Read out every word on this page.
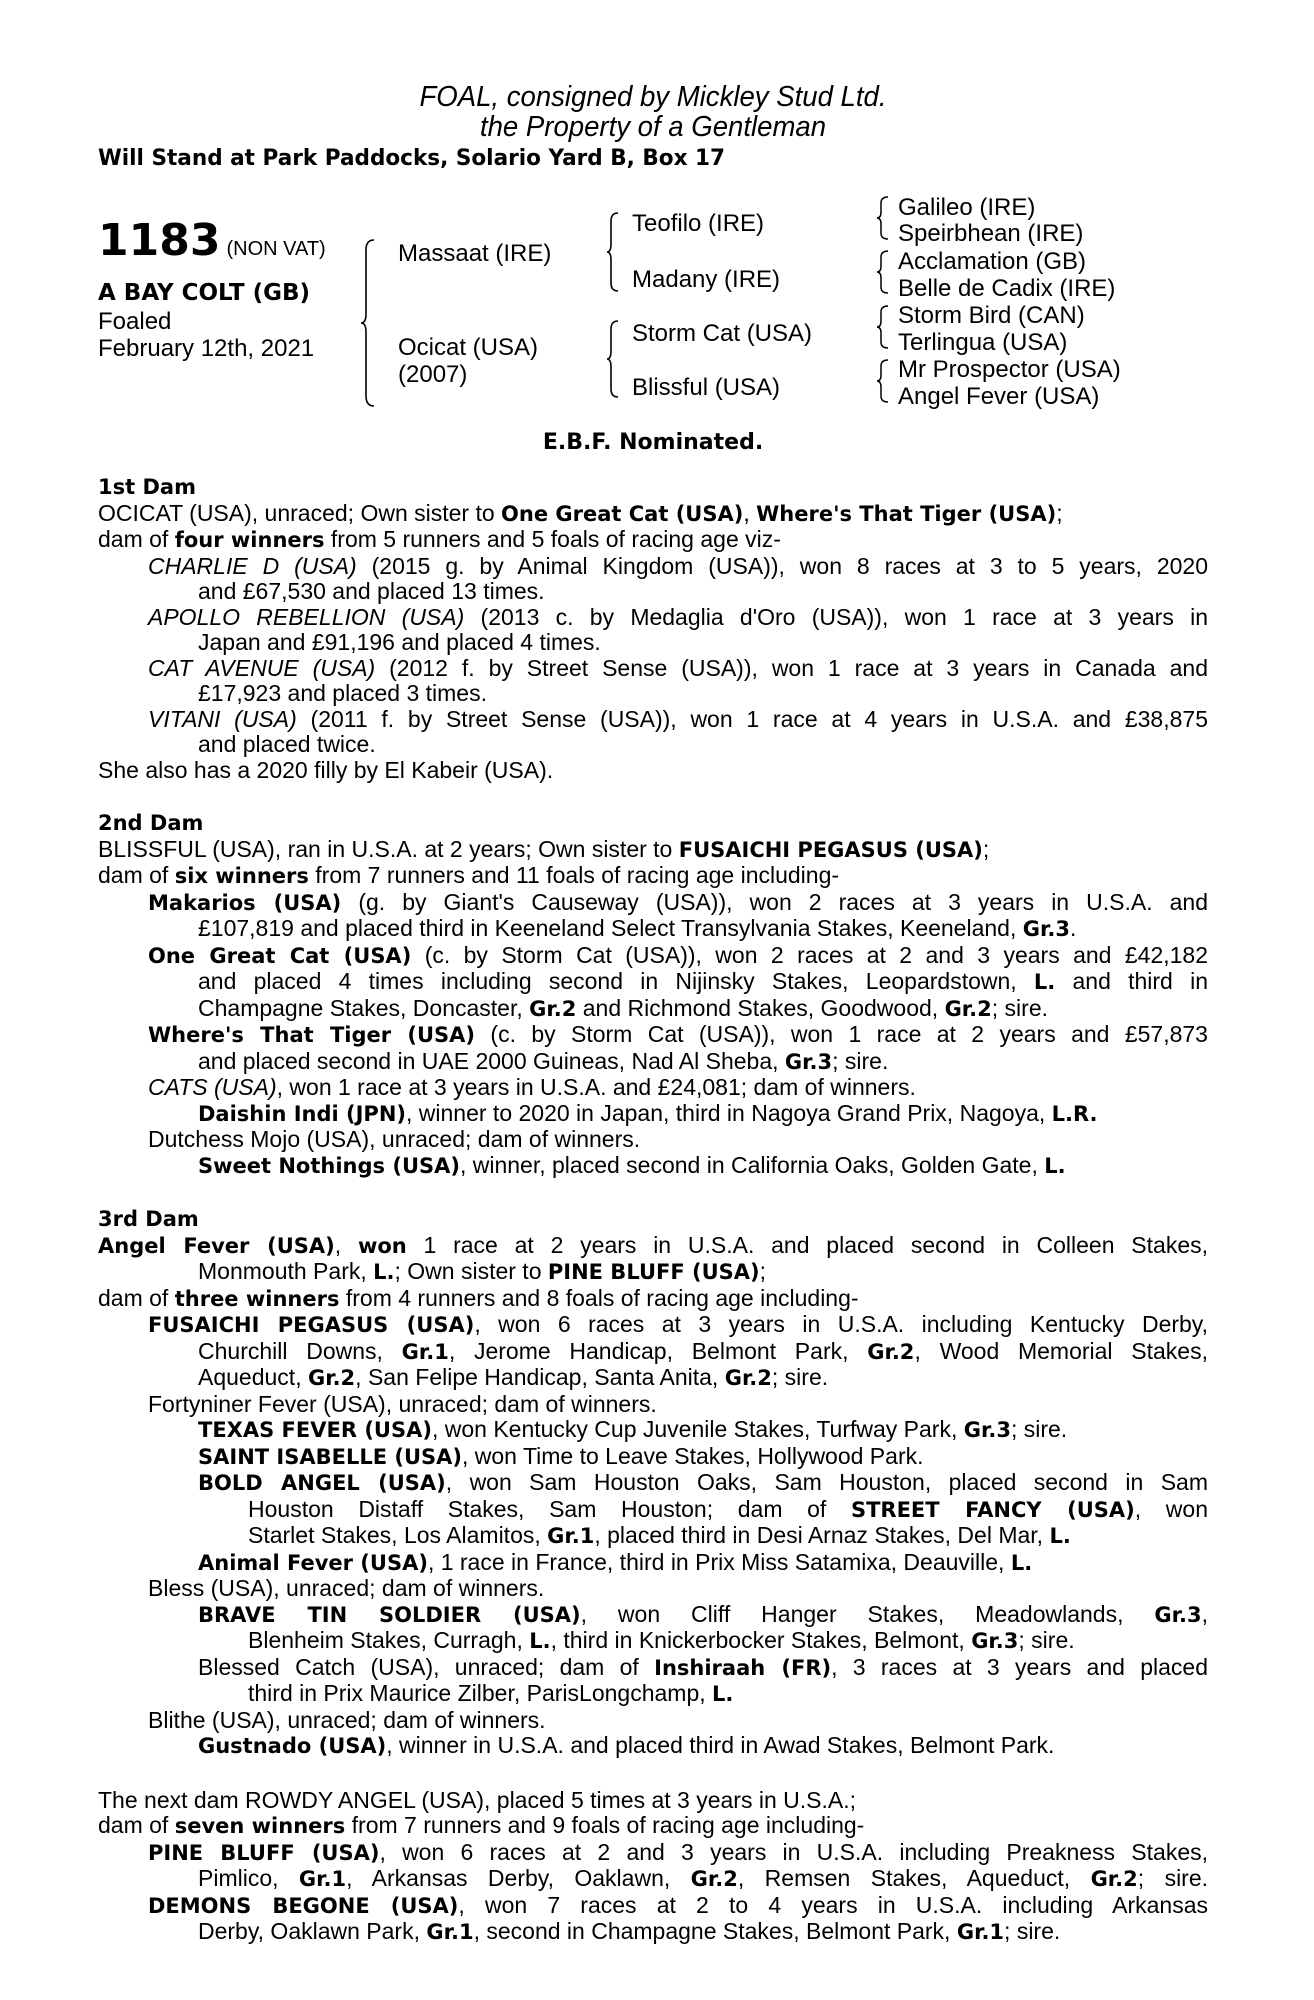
FOAL, consigned by Mickley Stud Ltd.
the Property of a Gentleman
Will Stand at Park Paddocks, Solario Yard B, Box 17
1183 (NON VAT)
A BAY COLT (GB)
Foaled
February 12th, 2021
Massaat (IRE)
Ocicat (USA)
(2007)
Teofilo (IRE)
Madany (IRE)
Storm Cat (USA)
Blissful (USA)
Galileo (IRE)
Speirbhean (IRE)
Acclamation (GB)
Belle de Cadix (IRE)
Storm Bird (CAN)
Terlingua (USA)
Mr Prospector (USA)
Angel Fever (USA)
E.B.F. Nominated.
1st Dam
OCICAT (USA), unraced; Own sister to One Great Cat (USA), Where's That Tiger (USA);
dam of four winners from 5 runners and 5 foals of racing age viz-
CHARLIE D (USA) (2015 g. by Animal Kingdom (USA)), won 8 races at 3 to 5 years, 2020
and £67,530 and placed 13 times.
APOLLO REBELLION (USA) (2013 c. by Medaglia d'Oro (USA)), won 1 race at 3 years in
Japan and £91,196 and placed 4 times.
CAT AVENUE (USA) (2012 f. by Street Sense (USA)), won 1 race at 3 years in Canada and
£17,923 and placed 3 times.
VITANI (USA) (2011 f. by Street Sense (USA)), won 1 race at 4 years in U.S.A. and £38,875
and placed twice.
She also has a 2020 filly by El Kabeir (USA).
2nd Dam
BLISSFUL (USA), ran in U.S.A. at 2 years; Own sister to FUSAICHI PEGASUS (USA);
dam of six winners from 7 runners and 11 foals of racing age including-
Makarios (USA) (g. by Giant's Causeway (USA)), won 2 races at 3 years in U.S.A. and
£107,819 and placed third in Keeneland Select Transylvania Stakes, Keeneland, Gr.3.
One Great Cat (USA) (c. by Storm Cat (USA)), won 2 races at 2 and 3 years and £42,182
and placed 4 times including second in Nijinsky Stakes, Leopardstown, L. and third in
Champagne Stakes, Doncaster, Gr.2 and Richmond Stakes, Goodwood, Gr.2; sire.
Where's That Tiger (USA) (c. by Storm Cat (USA)), won 1 race at 2 years and £57,873
and placed second in UAE 2000 Guineas, Nad Al Sheba, Gr.3; sire.
CATS (USA), won 1 race at 3 years in U.S.A. and £24,081; dam of winners.
Daishin Indi (JPN), winner to 2020 in Japan, third in Nagoya Grand Prix, Nagoya, L.R.
Dutchess Mojo (USA), unraced; dam of winners.
Sweet Nothings (USA), winner, placed second in California Oaks, Golden Gate, L.
3rd Dam
Angel Fever (USA), won 1 race at 2 years in U.S.A. and placed second in Colleen Stakes,
Monmouth Park, L.; Own sister to PINE BLUFF (USA);
dam of three winners from 4 runners and 8 foals of racing age including-
FUSAICHI PEGASUS (USA), won 6 races at 3 years in U.S.A. including Kentucky Derby,
Churchill Downs, Gr.1, Jerome Handicap, Belmont Park, Gr.2, Wood Memorial Stakes,
Aqueduct, Gr.2, San Felipe Handicap, Santa Anita, Gr.2; sire.
Fortyniner Fever (USA), unraced; dam of winners.
TEXAS FEVER (USA), won Kentucky Cup Juvenile Stakes, Turfway Park, Gr.3; sire.
SAINT ISABELLE (USA), won Time to Leave Stakes, Hollywood Park.
BOLD ANGEL (USA), won Sam Houston Oaks, Sam Houston, placed second in Sam
Houston Distaff Stakes, Sam Houston; dam of STREET FANCY (USA), won
Starlet Stakes, Los Alamitos, Gr.1, placed third in Desi Arnaz Stakes, Del Mar, L.
Animal Fever (USA), 1 race in France, third in Prix Miss Satamixa, Deauville, L.
Bless (USA), unraced; dam of winners.
BRAVE TIN SOLDIER (USA), won Cliff Hanger Stakes, Meadowlands, Gr.3,
Blenheim Stakes, Curragh, L., third in Knickerbocker Stakes, Belmont, Gr.3; sire.
Blessed Catch (USA), unraced; dam of Inshiraah (FR), 3 races at 3 years and placed
third in Prix Maurice Zilber, ParisLongchamp, L.
Blithe (USA), unraced; dam of winners.
Gustnado (USA), winner in U.S.A. and placed third in Awad Stakes, Belmont Park.
The next dam ROWDY ANGEL (USA), placed 5 times at 3 years in U.S.A.;
dam of seven winners from 7 runners and 9 foals of racing age including-
PINE BLUFF (USA), won 6 races at 2 and 3 years in U.S.A. including Preakness Stakes,
Pimlico, Gr.1, Arkansas Derby, Oaklawn, Gr.2, Remsen Stakes, Aqueduct, Gr.2; sire.
DEMONS BEGONE (USA), won 7 races at 2 to 4 years in U.S.A. including Arkansas
Derby, Oaklawn Park, Gr.1, second in Champagne Stakes, Belmont Park, Gr.1; sire.
